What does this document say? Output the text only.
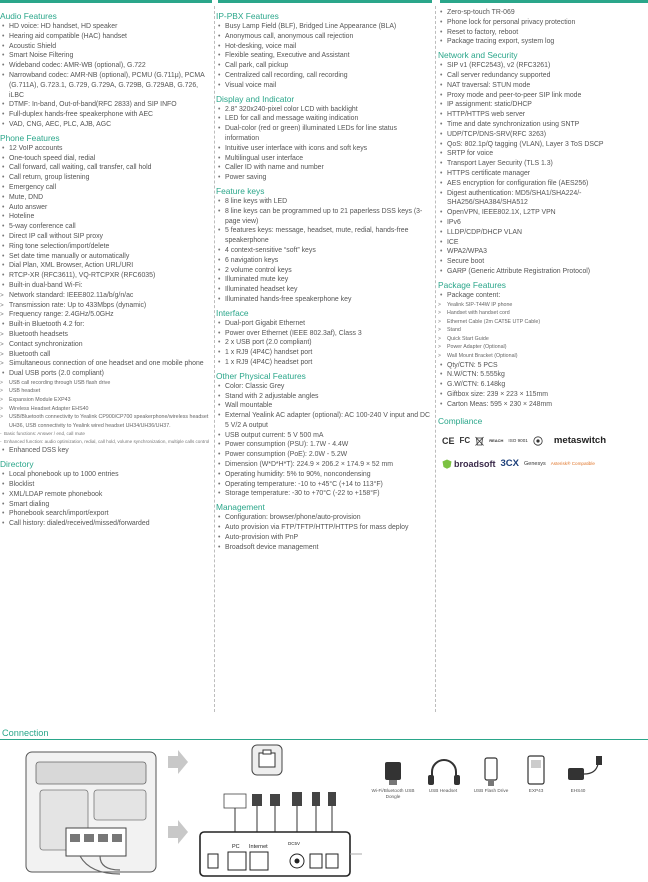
Audio Features
• HD voice: HD handset, HD speaker
• Hearing aid compatible (HAC) handset
• Acoustic Shield
• Smart Noise Filtering
• Wideband codec: AMR-WB (optional), G.722
• Narrowband codec: AMR-NB (optional), PCMU (G.711μ), PCMA (G.711A), G.723.1, G.729, G.729A, G.729B, G.729AB, G.726, iLBC
• DTMF: In-band, Out-of-band(RFC 2833) and SIP INFO
• Full-duplex hands-free speakerphone with AEC
• VAD, CNG, AEC, PLC, AJB, AGC
Phone Features
• 12 VoIP accounts
• One-touch speed dial, redial
• Call forward, call waiting, call transfer, call hold
• Call return, group listening
• Emergency call
• Mute, DND
• Auto answer
• Hoteline
• 5-way conference call
• Direct IP call without SIP proxy
• Ring tone selection/import/delete
• Set date time manually or automatically
• Dial Plan, XML Browser, Action URL/URI
• RTCP-XR (RFC3611), VQ-RTCPXR (RFC6035)
• Built-in dual-band Wi-Fi:
> Network standard: IEEE802.11a/b/g/n/ac
> Transmission rate: Up to 433Mbps (dynamic)
> Frequency range: 2.4GHz/5.0GHz
• Built-in Bluetooth 4.2 for:
> Bluetooth headsets
> Contact synchronization
> Bluetooth call
> Simultaneous connection of one headset and one mobile phone
• Dual USB ports (2.0 compliant)
> USB call recording through USB flash drive
> USB headset
> Expansion Module EXP43
> Wireless Headset Adapter EHS40
> USB/Bluetooth connectivity to Yealink CP900/CP700 speakerphone/wireless headset UH36, USB connectivity to Yealink wired headset UH34/UH36/UH37.
- Basic functions: Answer / end, call mute
- Enhanced function: audio optimization, redial, call hold, volume synchronization, multiple calls control
• Enhanced DSS key
Directory
• Local phonebook up to 1000 entries
• Blocklist
• XML/LDAP remote phonebook
• Smart dialing
• Phonebook search/import/export
• Call history: dialed/received/missed/forwarded
IP-PBX Features
• Busy Lamp Field (BLF), Bridged Line Appearance (BLA)
• Anonymous call, anonymous call rejection
• Hot-desking, voice mail
• Flexible seating, Executive and Assistant
• Call park, call pickup
• Centralized call recording, call recording
• Visual voice mail
Display and Indicator
• 2.8" 320x240-pixel color LCD with backlight
• LED for call and message waiting indication
• Dual-color (red or green) illuminated LEDs for line status information
• Intuitive user interface with icons and soft keys
• Multilingual user interface
• Caller ID with name and number
• Power saving
Feature keys
• 8 line keys with LED
• 8 line keys can be programmed up to 21 paperless DSS keys (3-page view)
• 5 features keys: message, headset, mute, redial, hands-free speakerphone
• 4 context-sensitive “soft” keys
• 6 navigation keys
• 2 volume control keys
• Illuminated mute key
• Illuminated headset key
• Illuminated hands-free speakerphone key
Interface
• Dual-port Gigabit Ethernet
• Power over Ethernet (IEEE 802.3af), Class 3
• 2 x USB port (2.0 compliant)
• 1 x RJ9 (4P4C) handset port
• 1 x RJ9 (4P4C) headset port
Other Physical Features
• Color: Classic Grey
• Stand with 2 adjustable angles
• Wall mountable
• External Yealink AC adapter (optional): AC 100-240 V input and DC 5 V/2 A output
• USB output current: 5 V 500 mA
• Power consumption (PSU): 1.7W - 4.4W
• Power consumption (PoE): 2.0W - 5.2W
• Dimension (W*D*H*T): 224.9 × 206.2 × 174.9 × 52 mm
• Operating humidity: 5% to 90%, noncondensing
• Operating temperature: -10 to +45°C (+14 to 113°F)
• Storage temperature: -30 to +70°C (-22 to +158°F)
Management
• Configuration: browser/phone/auto-provision
• Auto provision via FTP/TFTP/HTTP/HTTPS for mass deploy
• Auto-provision with PnP
• Broadsoft device management
• Zero-sp-touch TR-069
• Phone lock for personal privacy protection
• Reset to factory, reboot
• Package tracing export, system log
Network and Security
• SIP v1 (RFC2543), v2 (RFC3261)
• Call server redundancy supported
• NAT traversal: STUN mode
• Proxy mode and peer-to-peer SIP link mode
• IP assignment: static/DHCP
• HTTP/HTTPS web server
• Time and date synchronization using SNTP
• UDP/TCP/DNS-SRV(RFC 3263)
• QoS: 802.1p/Q tagging (VLAN), Layer 3 ToS DSCP
• SRTP for voice
• Transport Layer Security (TLS 1.3)
• HTTPS certificate manager
• AES encryption for configuration file (AES256)
• Digest authentication: MD5/SHA1/SHA224/-SHA256/SHA384/SHA512
• OpenVPN, IEEE802.1X, L2TP VPN
• IPv6
• LLDP/CDP/DHCP VLAN
• ICE
• WPA2/WPA3
• Secure boot
• GARP (Generic Attribute Registration Protocol)
Package Features
• Package content:
> Yealink SIP-T44W IP phone
> Handset with handset cord
> Ethernet Cable (2m CAT5E UTP Cable)
> Stand
> Quick Start Guide
> Power Adapter (Optional)
> Wall Mount Bracket (Optional)
• Qty/CTN: 5 PCS
• N.W/CTN: 5.555kg
• G.W/CTN: 6.148kg
• Giftbox size: 239 × 223 × 115mm
• Carton Meas: 595 × 230 × 248mm
Compliance
CE FC	REACH ISO 9001	metaswitch
broadsoft 3CX Genesys Asterisk® Compatible
Connection
PC Internet
DC5V
Wi-Fi/Bluetooth USB Dongle
USB Headset	USB Flash Drive	EXP43	EHS40
